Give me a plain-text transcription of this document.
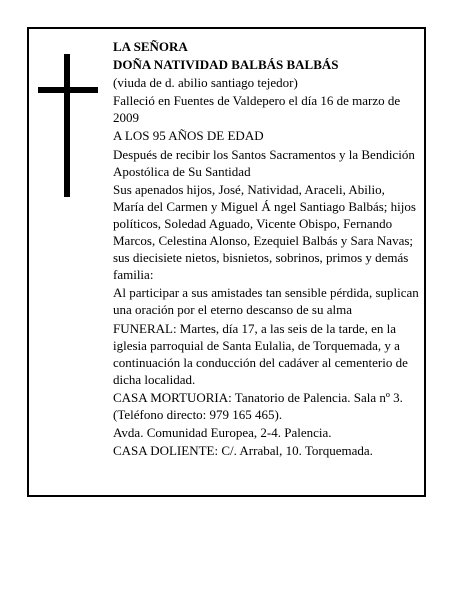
LA SEÑORA

DOÑA NATIVIDAD BALBÁS BALBÁS

(viuda de d. abilio santiago tejedor)

Falleció en Fuentes de Valdepero el día 16 de marzo de 2009

A LOS 95 AÑOS DE EDAD

Después de recibir los Santos Sacramentos y la Bendición Apostólica de Su Santidad

Sus apenados hijos, José, Natividad, Araceli, Abilio, María del Carmen y Miguel Á ngel Santiago Balbás; hijos políticos, Soledad Aguado, Vicente Obispo, Fernando Marcos, Celestina Alonso, Ezequiel Balbás y Sara Navas; sus diecisiete nietos, bisnietos, sobrinos, primos y demás familia:

Al participar a sus amistades tan sensible pérdida, suplican una oración por el eterno descanso de su alma

FUNERAL: Martes, día 17, a las seis de la tarde, en la iglesia parroquial de Santa Eulalia, de Torquemada, y a continuación la conducción del cadáver al cementerio de dicha localidad.

CASA MORTUORIA: Tanatorio de Palencia. Sala nº 3. (Teléfono directo: 979 165 465).

Avda. Comunidad Europea, 2-4. Palencia.

CASA DOLIENTE: C/. Arrabal, 10. Torquemada.
